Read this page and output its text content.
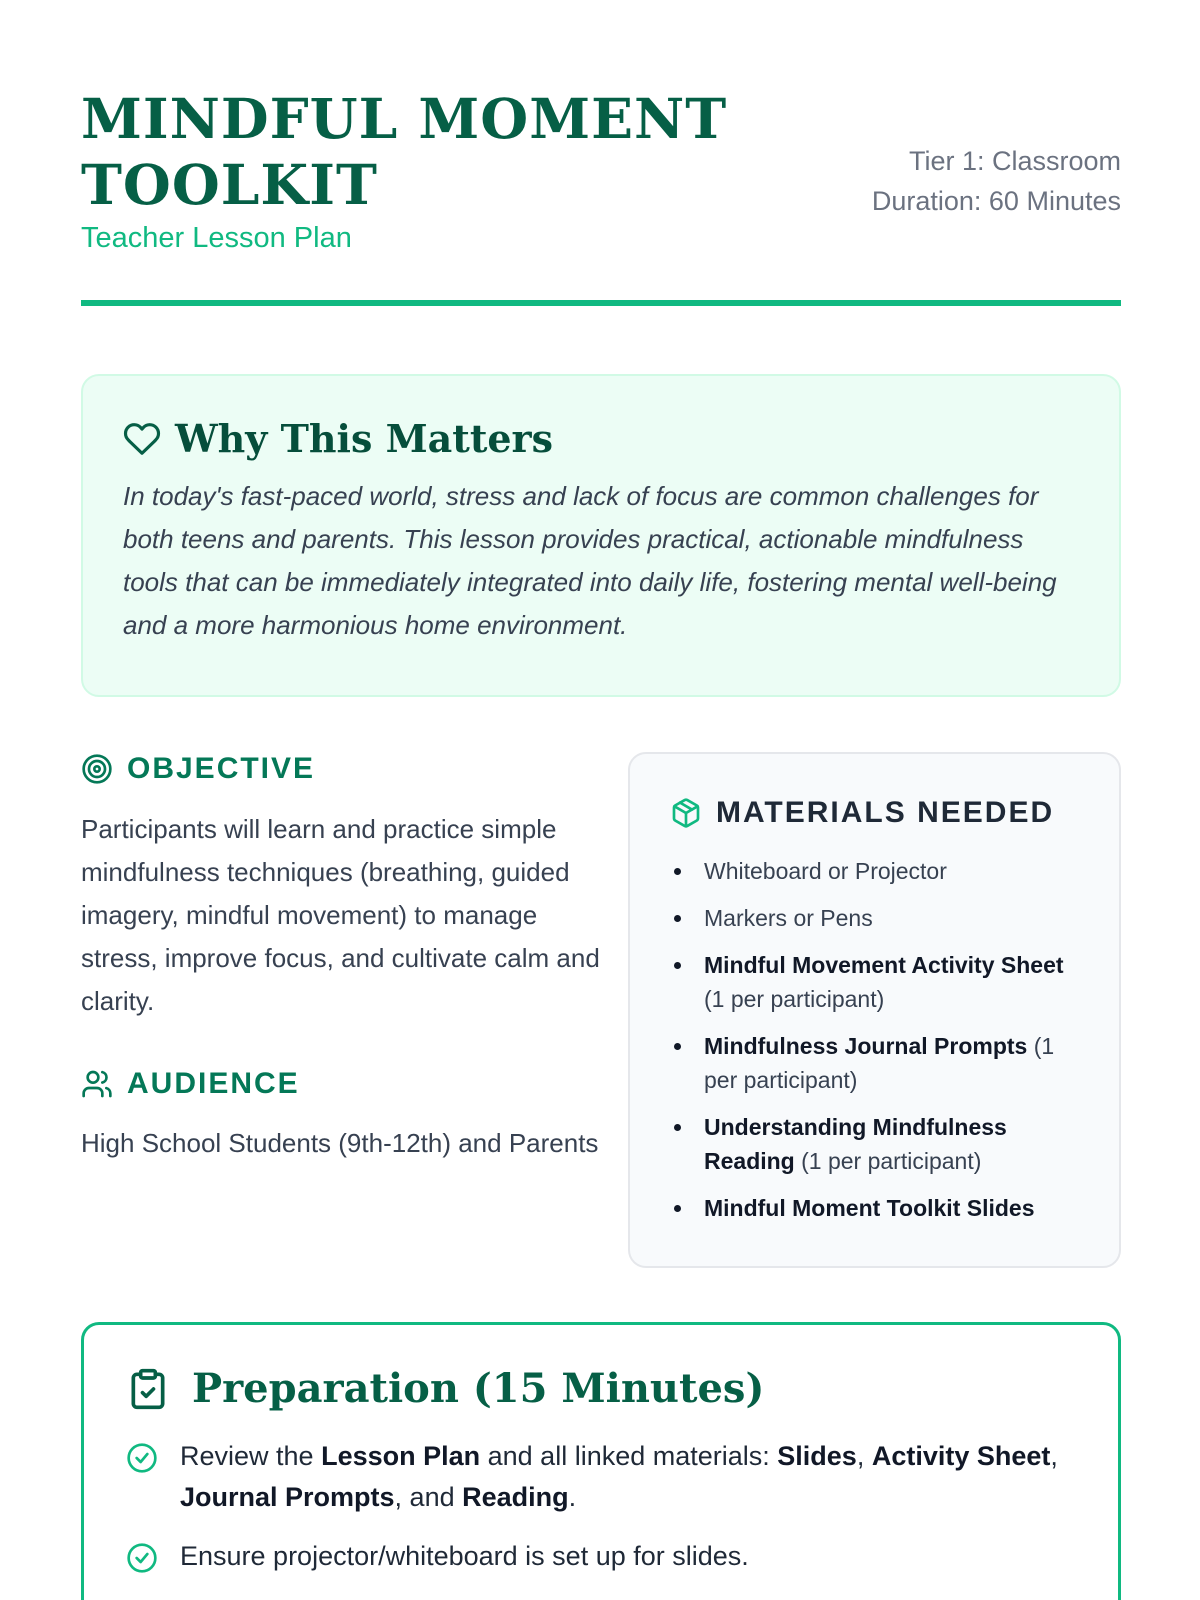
MINDFUL MOMENT TOOLKIT
Teacher Lesson Plan
Tier 1: Classroom
Duration: 60 Minutes
Why This Matters

In today's fast-paced world, stress and lack of focus are common challenges for both teens and parents. This lesson provides practical, actionable mindfulness tools that can be immediately integrated into daily life, fostering mental well-being and a more harmonious home environment.

OBJECTIVE

Participants will learn and practice simple mindfulness techniques (breathing, guided imagery, mindful movement) to manage stress, improve focus, and cultivate calm and clarity.

AUDIENCE

High School Students (9th-12th) and Parents

MATERIALS NEEDED
Whiteboard or Projector
Markers or Pens
Mindful Movement Activity Sheet (1 per participant)
Mindfulness Journal Prompts (1 per participant)
Understanding Mindfulness Reading (1 per participant)
Mindful Moment Toolkit Slides
Preparation (15 Minutes)
Review the Lesson Plan and all linked materials: Slides, Activity Sheet, Journal Prompts, and Reading.
Ensure projector/whiteboard is set up for slides.
